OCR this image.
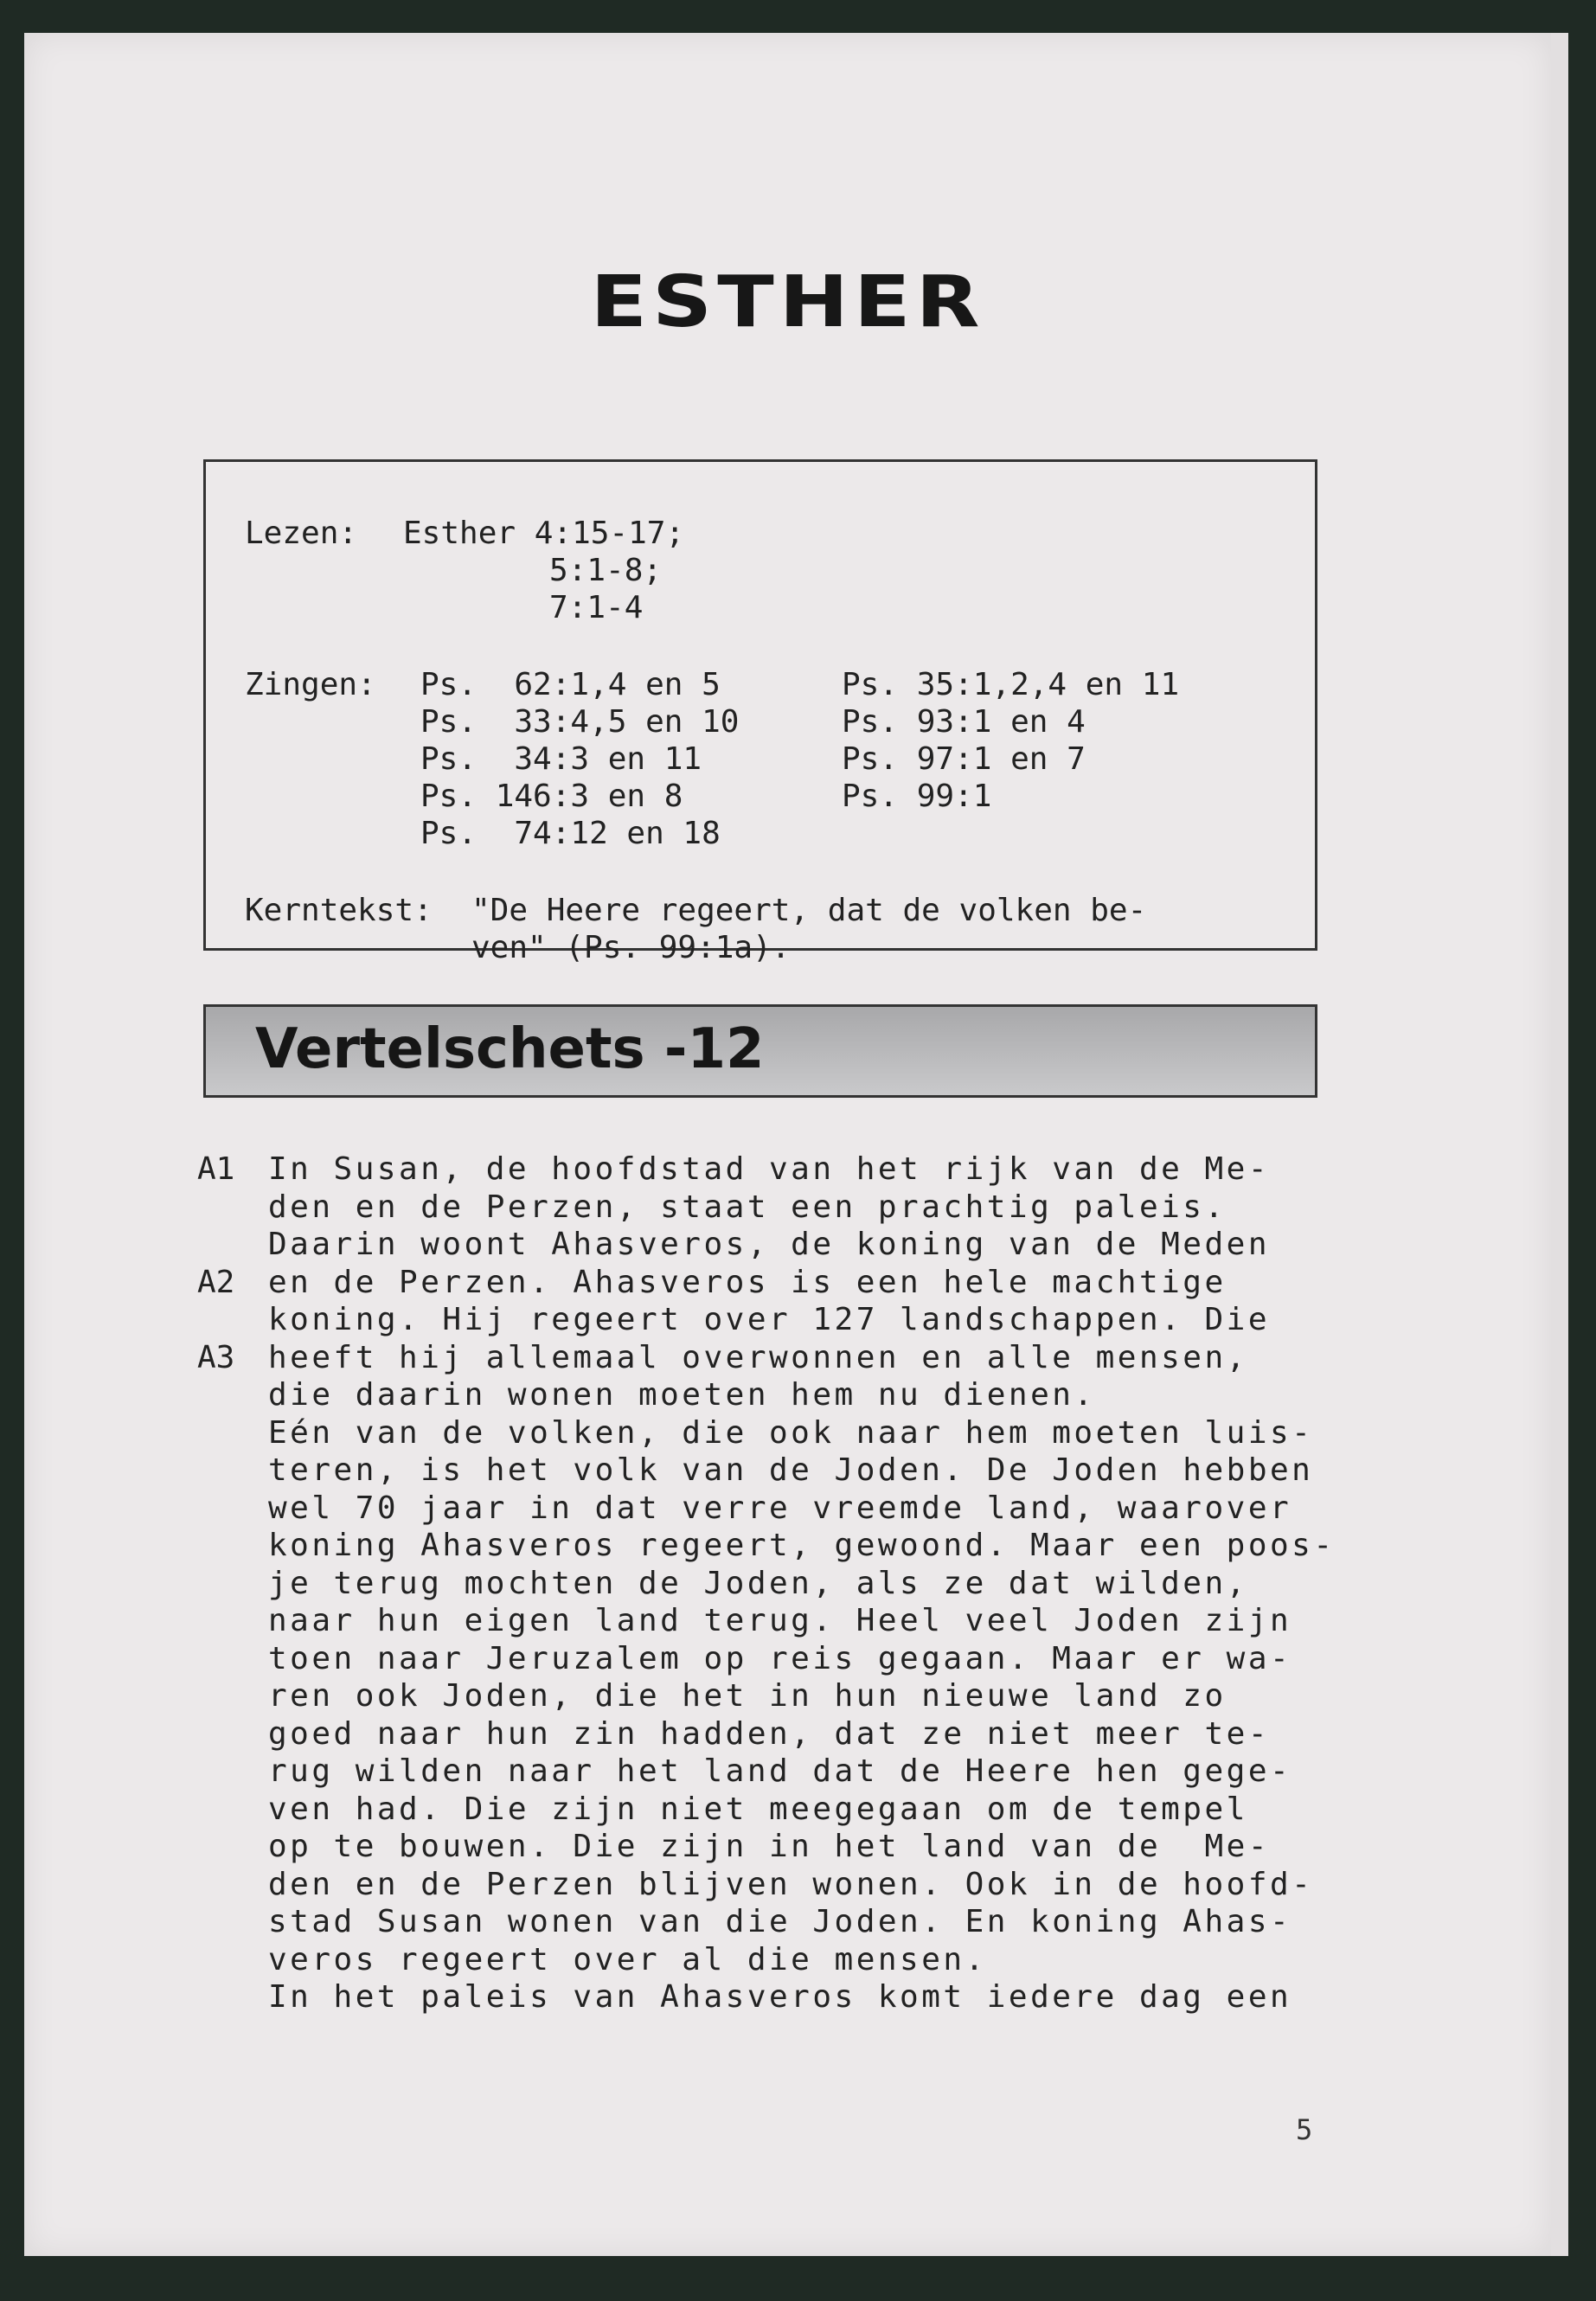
ESTHER
Lezen: Esther 4:15-17;
5:1-8;
7:1-4
Zingen: Ps.  62:1,4 en 5
Ps.  33:4,5 en 10
Ps.  34:3 en 11
Ps. 146:3 en 8
Ps.  74:12 en 18
Ps. 35:1,2,4 en 11
Ps. 93:1 en 4
Ps. 97:1 en 7
Ps. 99:1
Kerntekst: "De Heere regeert, dat de volken be-
ven" (Ps. 99:1a).
Vertelschets -12
A1
A2
A3
In Susan, de hoofdstad van het rijk van de Me-
den en de Perzen, staat een prachtig paleis.
Daarin woont Ahasveros, de koning van de Meden
en de Perzen. Ahasveros is een hele machtige
koning. Hij regeert over 127 landschappen. Die
heeft hij allemaal overwonnen en alle mensen,
die daarin wonen moeten hem nu dienen.
Eén van de volken, die ook naar hem moeten luis-
teren, is het volk van de Joden. De Joden hebben
wel 70 jaar in dat verre vreemde land, waarover
koning Ahasveros regeert, gewoond. Maar een poos-
je terug mochten de Joden, als ze dat wilden,
naar hun eigen land terug. Heel veel Joden zijn
toen naar Jeruzalem op reis gegaan. Maar er wa-
ren ook Joden, die het in hun nieuwe land zo
goed naar hun zin hadden, dat ze niet meer te-
rug wilden naar het land dat de Heere hen gege-
ven had. Die zijn niet meegegaan om de tempel
op te bouwen. Die zijn in het land van de  Me-
den en de Perzen blijven wonen. Ook in de hoofd-
stad Susan wonen van die Joden. En koning Ahas-
veros regeert over al die mensen.
In het paleis van Ahasveros komt iedere dag een
5
